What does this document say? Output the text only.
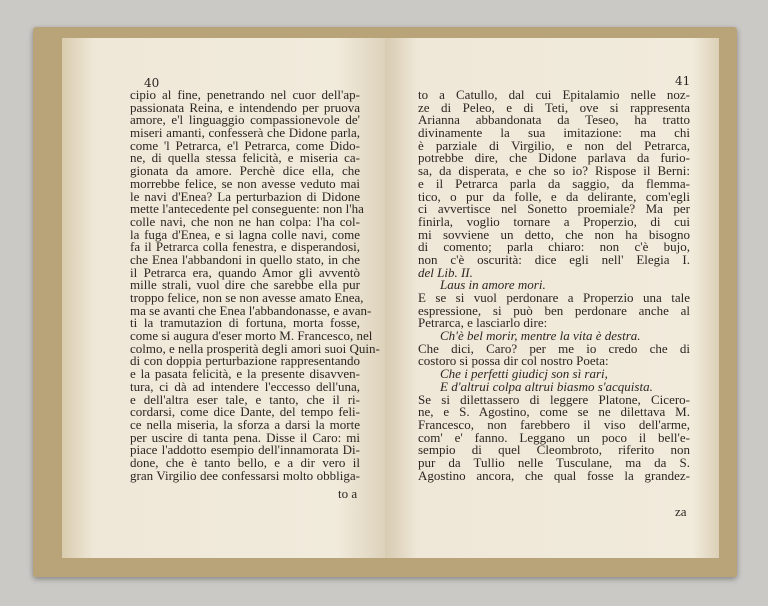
40
cipio al fine, penetrando nel cuor dell'ap-
passionata Reina, e intendendo per pruova
amore, e'l linguaggio compassionevole de'
miseri amanti, confesserà che Didone parla,
come 'l Petrarca, e'l Petrarca, come Dido-
ne, di quella stessa felicità, e miseria ca-
gionata da amore. Perchè dice ella, che
morrebbe felice, se non avesse veduto mai
le navi d'Enea? La perturbazion di Didone
mette l'antecedente pel conseguente: non l'ha
colle navi, che non ne han colpa: l'ha col-
la fuga d'Enea, e si lagna colle navi, come
fa il Petrarca colla fenestra, e disperandosi,
che Enea l'abbandoni in quello stato, in che
il Petrarca era, quando Amor gli avventò
mille strali, vuol dire che sarebbe ella pur
troppo felice, non se non avesse amato Enea,
ma se avanti che Enea l'abbandonasse, e avan-
ti la tramutazion di fortuna, morta fosse,
come si augura d'eser morto M. Francesco, nel
colmo, e nella prosperità degli amori suoi Quin-
di con doppia perturbazione rappresentando
e la pasata felicità, e la presente disavven-
tura, ci dà ad intendere l'eccesso dell'una,
e dell'altra eser tale, e tanto, che il ri-
cordarsi, come dice Dante, del tempo feli-
ce nella miseria, la sforza a darsi la morte
per uscire di tanta pena. Disse il Caro: mi
piace l'addotto esempio dell'innamorata Di-
done, che è tanto bello, e a dir vero il
gran Virgilio dee confessarsi molto obbliga-
to a
41
to a Catullo, dal cui Epitalamio nelle noz-
ze di Peleo, e di Teti, ove si rappresenta
Arianna abbandonata da Teseo, ha tratto
divinamente la sua imitazione: ma chi
è parziale di Virgilio, e non del Petrarca,
potrebbe dire, che Didone parlava da furio-
sa, da disperata, e che so io? Rispose il Berni:
e il Petrarca parla da saggio, da flemma-
tico, o pur da folle, e da delirante, com'egli
ci avvertisce nel Sonetto proemiale? Ma per
finirla, voglio tornare a Properzio, di cui
mi sovviene un detto, che non ha bisogno
di comento; parla chiaro: non c'è bujo,
non c'è oscurità: dice egli nell' Elegia I.
del Lib. II.
Laus in amore mori.
E se si vuol perdonare a Properzio una tale
espressione, si può ben perdonare anche al
Petrarca, e lasciarlo dire:
Ch'è bel morir, mentre la vita è destra.
Che dici, Caro? per me io credo che di
costoro si possa dir col nostro Poeta:
Che i perfetti giudicj son sì rari,
E d'altrui colpa altrui biasmo s'acquista.
Se si dilettassero di leggere Platone, Cicero-
ne, e S. Agostino, come se ne dilettava M.
Francesco, non farebbero il viso dell'arme,
com' e' fanno. Leggano un poco il bell'e-
sempio di quel Cleombroto, riferito non
pur da Tullio nelle Tusculane, ma da S.
Agostino ancora, che qual fosse la grandez-
za
